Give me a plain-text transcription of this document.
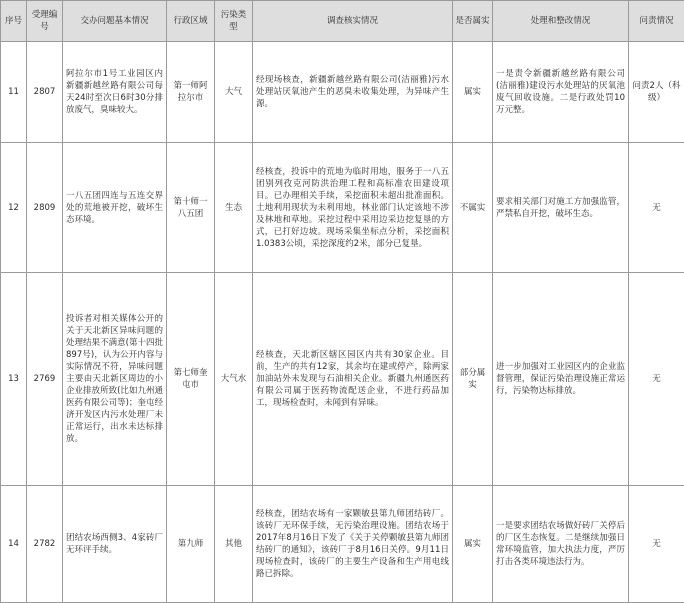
序号	受理编号	交办问题基本情况	行政区域	污染类型	调查核实情况	是否属实	处理和整改情况	问责情况
11	2807	阿拉尔市1号工业园区内新疆新越丝路有限公司每天24时至次日6时30分排放废气，臭味较大。	第一师阿拉尔市	大气	经现场核查，新疆新越丝路有限公司(洁丽雅)污水处理站厌氧池产生的恶臭未收集处理，为异味产生源。	属实	一是责令新疆新越丝路有限公司(洁丽雅)建设污水处理站的厌氧池废气回收设施。二是行政处罚10万元整。	问责2人（科级）
12	2809	一八五团四连与五连交界处的荒地被开挖，破坏生态环境。	第十师一八五团	生态	经核查，投诉中的荒地为临时用地，服务于一八五团别列孜克河防洪治理工程和高标准农田建设项目。已办理相关手续，采挖面积未超出批准面积。土地利用现状为未利用地，林业部门认定该地不涉及林地和草地。采挖过程中采用边采边挖复垦的方式，已打好边坡。现场采集坐标点分析，采挖面积1.0383公顷，采挖深度约2米，部分已复垦。	不属实	要求相关部门对施工方加强监管，严禁私自开挖，破坏生态。	无
13	2769	投诉者对相关媒体公开的关于天北新区异味问题的处理结果不满意(第十四批897号)，认为公开内容与实际情况不符，异味问题主要由天北新区周边的小企业排放所致(比如九州通医药有限公司等)；奎屯经济开发区内污水处理厂未正常运行，出水未达标排放。	第七师奎屯市	大气水	经核查，天北新区辖区园区内共有30家企业。目前，生产的共有12家，其余均在建或停产，除两家加油站外未发现与石油相关企业。新疆九州通医药有限公司属于医药物流配送企业，不进行药品加工，现场检查时，未闻到有异味。	部分属实	进一步加强对工业园区内的企业监督管理，保证污染治理设施正常运行，污染物达标排放。	无
14	2782	团结农场西侧3、4家砖厂无环评手续。	第九师	其他	经核查，团结农场有一家颗敏县第九师团结砖厂。该砖厂无环保手续，无污染治理设施。团结农场于2017年8月16日下发了《关于关停颗敏县第九师团结砖厂的通知》，该砖厂于8月16日关停。9月11日现场检查时，该砖厂的主要生产设备和生产用电线路已拆除。	属实	一是要求团结农场做好砖厂关停后的厂区生态恢复。二是继续加强日常环境监管，加大执法力度，严厉打击各类环境违法行为。	无
